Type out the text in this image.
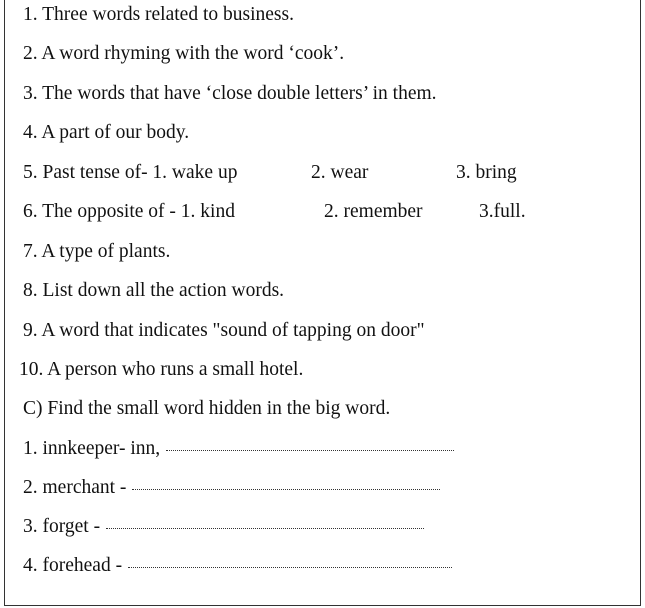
1. Three words related to business.
2. A word rhyming with the word ‘cook’.
3. The words that have ‘close double letters’ in them.
4. A part of our body.
5. Past tense of- 1. wake up	2. wear	3. bring
6. The opposite of - 1. kind	2. remember	3.full.
7. A type of plants.
8. List down all the action words.
9. A word that indicates "sound of tapping on door"
10. A person who runs a small hotel.
C) Find the small word hidden in the big word.
1. innkeeper- inn,
2. merchant -
3. forget -
4. forehead -
